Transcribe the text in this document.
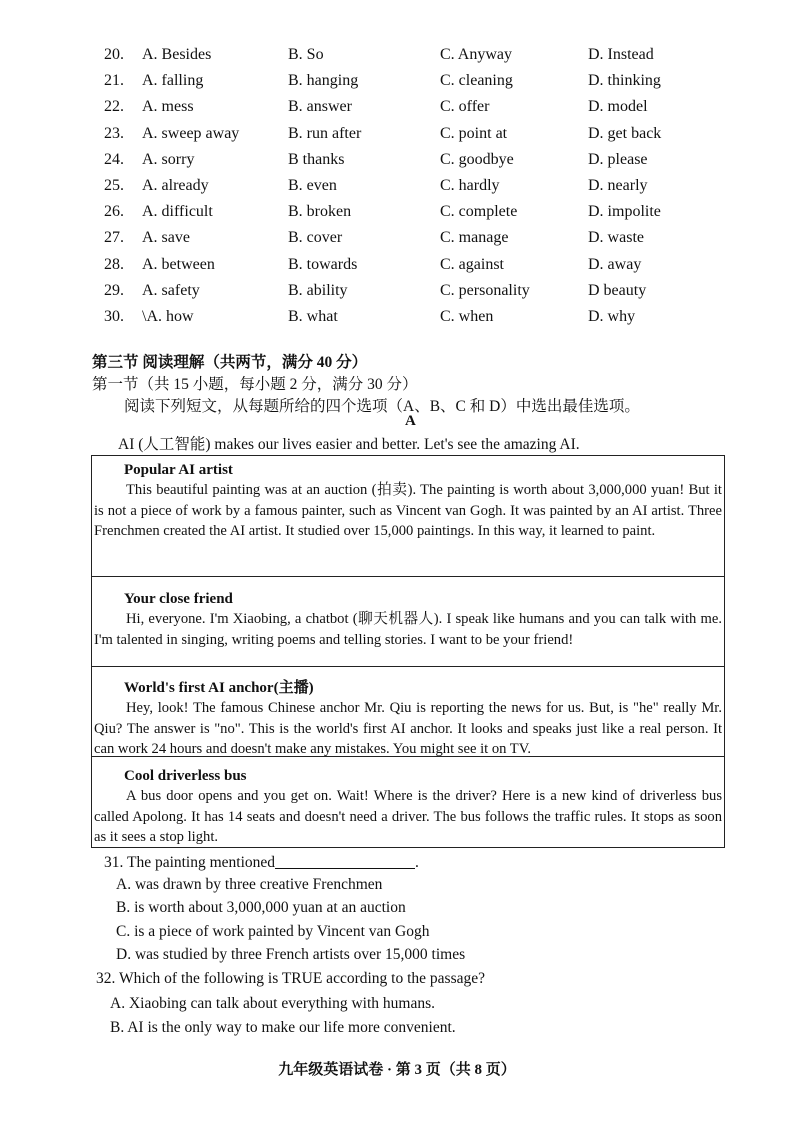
20. A. Besides	B. So	C. Anyway	D. Instead
21. A. falling	B. hanging	C. cleaning	D. thinking
22. A. mess	B. answer	C. offer	D. model
23. A. sweep away	B. run after	C. point at	D. get back
24. A. sorry	B thanks	C. goodbye	D. please
25. A. already	B. even	C. hardly	D. nearly
26. A. difficult	B. broken	C. complete	D. impolite
27. A. save	B. cover	C. manage	D. waste
28. A. between	B. towards	C. against	D. away
29. A. safety	B. ability	C. personality	D beauty
30. \A. how	B. what	C. when	D. why
第三节 阅读理解（共两节，满分 40 分）
第一节（共 15 小题，每小题 2 分，满分 30 分）
阅读下列短文，从每题所给的四个选项（A、B、C 和 D）中选出最佳选项。
A
AI (人工智能) makes our lives easier and better. Let's see the amazing AI.
Popular AI artist
This beautiful painting was at an auction (拍卖). The painting is worth about 3,000,000 yuan! But it is not a piece of work by a famous painter, such as Vincent van Gogh. It was painted by an AI artist. Three Frenchmen created the AI artist. It studied over 15,000 paintings. In this way, it learned to paint.
Your close friend
Hi, everyone. I'm Xiaobing, a chatbot (聊天机器人). I speak like humans and you can talk with me. I'm talented in singing, writing poems and telling stories. I want to be your friend!
World's first AI anchor(主播)
Hey, look! The famous Chinese anchor Mr. Qiu is reporting the news for us. But, is "he" really Mr. Qiu? The answer is "no". This is the world's first AI anchor. It looks and speaks just like a real person. It can work 24 hours and doesn't make any mistakes. You might see it on TV.
Cool driverless bus
A bus door opens and you get on. Wait! Where is the driver? Here is a new kind of driverless bus called Apolong. It has 14 seats and doesn't need a driver. The bus follows the traffic rules. It stops as soon as it sees a stop light.
31. The painting mentioned	.
A. was drawn by three creative Frenchmen
B. is worth about 3,000,000 yuan at an auction
C. is a piece of work painted by Vincent van Gogh
D. was studied by three French artists over 15,000 times
32. Which of the following is TRUE according to the passage?
A. Xiaobing can talk about everything with humans.
B. AI is the only way to make our life more convenient.
九年级英语试卷 · 第 3 页（共 8 页）
